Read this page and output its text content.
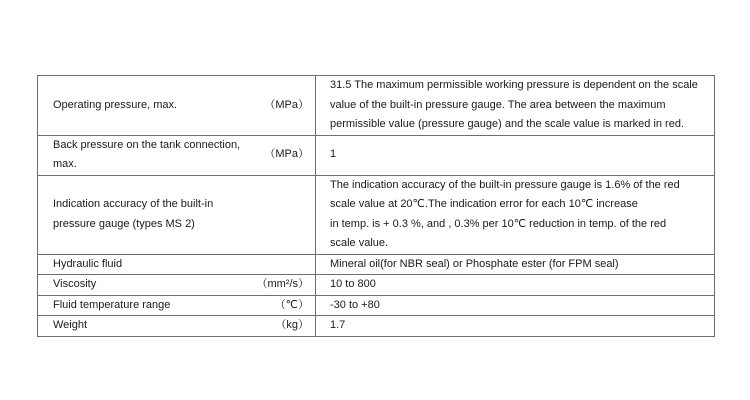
Operating pressure, max. （MPa）	31.5 The maximum permissible working pressure is dependent on the scale
value of the built-in pressure gauge. The area between the maximum
permissible value (pressure gauge) and the scale value is marked in red.

Back pressure on the tank connection, max.
（MPa）	1

Indication accuracy of the built-in
pressure gauge (types MS 2)	The indication accuracy of the built-in pressure gauge is 1.6% of the red
scale value at 20℃.The indication error for each 10℃ increase
in temp. is + 0.3 %, and , 0.3% per 10℃ reduction in temp. of the red
scale value.

Hydraulic fluid	Mineral oil(for NBR seal) or Phosphate ester (for FPM seal)

Viscosity （mm²/s）	10 to 800

Fluid temperature range （℃）	-30 to +80

Weight （kg）	1.7
